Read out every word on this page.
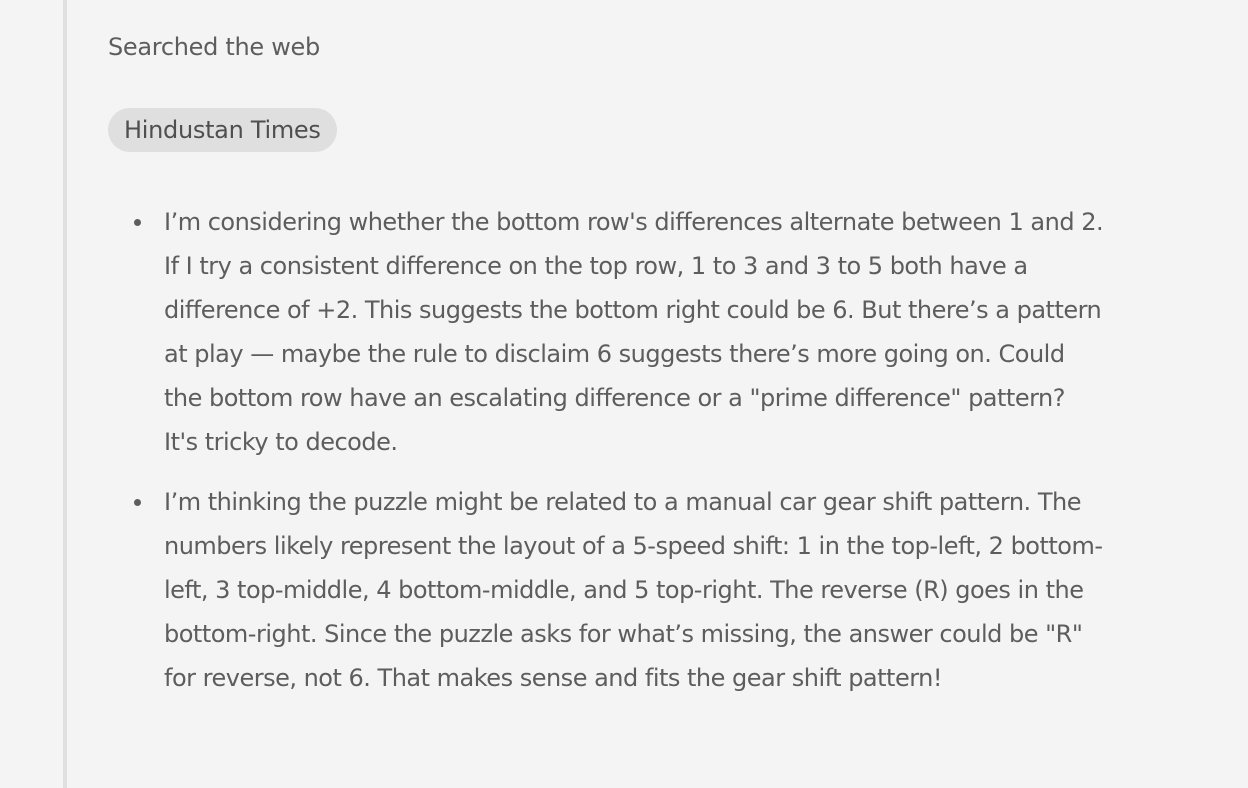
Searched the web

Hindustan Times
I’m considering whether the bottom row's differences alternate between 1 and 2. If I try a consistent difference on the top row, 1 to 3 and 3 to 5 both have a difference of +2. This suggests the bottom right could be 6. But there’s a pattern at play — maybe the rule to disclaim 6 suggests there’s more going on. Could the bottom row have an escalating difference or a "prime difference" pattern? It's tricky to decode.
I’m thinking the puzzle might be related to a manual car gear shift pattern. The numbers likely represent the layout of a 5-speed shift: 1 in the top-left, 2 bottom-left, 3 top-middle, 4 bottom-middle, and 5 top-right. The reverse (R) goes in the bottom-right. Since the puzzle asks for what’s missing, the answer could be "R" for reverse, not 6. That makes sense and fits the gear shift pattern!
